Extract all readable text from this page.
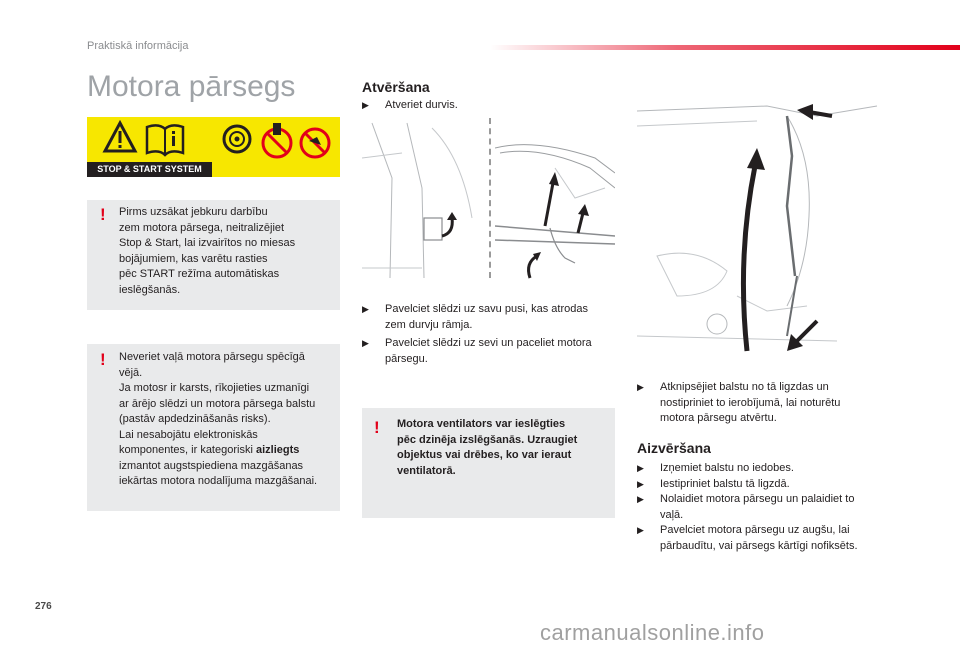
Praktiskā informācija
Motora pārsegs
STOP & START SYSTEM
! Pirms uzsākat jebkuru darbību
zem motora pārsega, neitralizējiet
Stop & Start, lai izvairītos no miesas
bojājumiem, kas varētu rasties
pēc START režīma automātiskas
ieslēgšanās.
! Neveriet vaļā motora pārsegu spēcīgā
vējā.
Ja motosr ir karsts, rīkojieties uzmanīgi
ar ārējo slēdzi un motora pārsega balstu
(pastāv apdedzināšanās risks).
Lai nesabojātu elektroniskās
komponentes, ir kategoriski aizliegts
izmantot augstspiediena mazgāšanas
iekārtas motora nodalījuma mazgāšanai.
Atvēršana
▶	Atveriet durvis.
▶	Pavelciet slēdzi uz savu pusi, kas atrodas
zem durvju rāmja.
▶	Pavelciet slēdzi uz sevi un paceliet motora
pārsegu.
! Motora ventilators var ieslēgties
pēc dzinēja izslēgšanās. Uzraugiet
objektus vai drēbes, ko var ieraut
ventilatorā.
▶	Atknipsējiet balstu no tā ligzdas un
nostipriniet to ierobījumā, lai noturētu
motora pārsegu atvērtu.
Aizvēršana
▶	Izņemiet balstu no iedobes.
▶	Iestipriniet balstu tā ligzdā.
▶	Nolaidiet motora pārsegu un palaidiet to
vaļā.
▶	Pavelciet motora pārsegu uz augšu, lai
pārbaudītu, vai pārsegs kārtīgi nofiksēts.
276
carmanualsonline.info
